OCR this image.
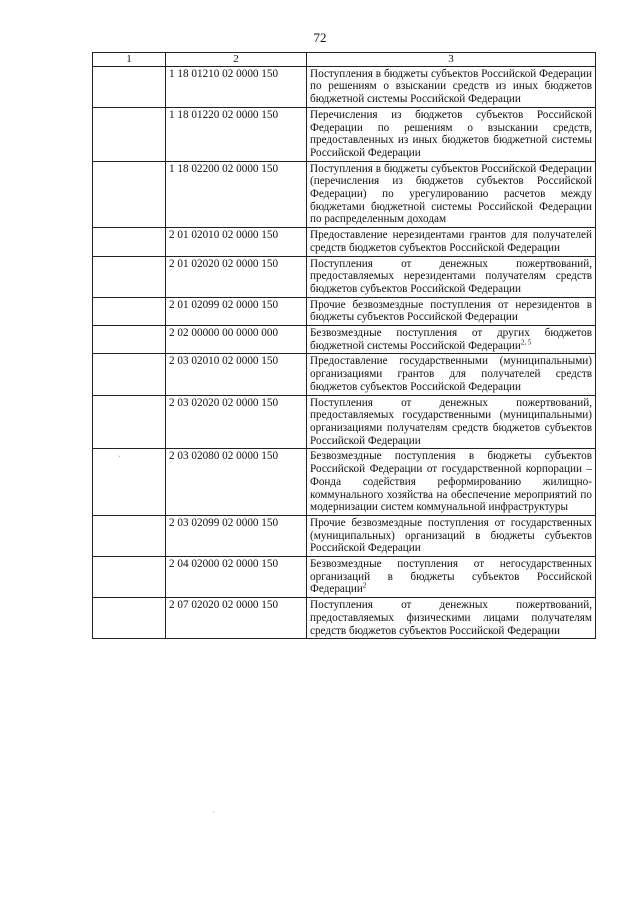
72
1	2	3
	1 18 01210 02 0000 150	Поступления в бюджеты субъектов Российской Федерации по решениям о взыскании средств из иных бюджетов бюджетной системы Российской Федерации
	1 18 01220 02 0000 150	Перечисления из бюджетов субъектов Российской Федерации по решениям о взыскании средств, предоставленных из иных бюджетов бюджетной системы Российской Федерации
	1 18 02200 02 0000 150	Поступления в бюджеты субъектов Российской Федерации (перечисления из бюджетов субъектов Российской Федерации) по урегулированию расчетов между бюджетами бюджетной системы Российской Федерации по распределенным доходам
	2 01 02010 02 0000 150	Предоставление нерезидентами грантов для получателей средств бюджетов субъектов Российской Федерации
	2 01 02020 02 0000 150	Поступления от денежных пожертвований, предоставляемых нерезидентами получателям средств бюджетов субъектов Российской Федерации
	2 01 02099 02 0000 150	Прочие безвозмездные поступления от нерезидентов в бюджеты субъектов Российской Федерации
	2 02 00000 00 0000 000	Безвозмездные поступления от других бюджетов бюджетной системы Российской Федерации$^{2, 5}$
	2 03 02010 02 0000 150	Предоставление государственными (муниципальными) организациями грантов для получателей средств бюджетов субъектов Российской Федерации
	2 03 02020 02 0000 150	Поступления от денежных пожертвований, предоставляемых государственными (муниципальными) организациями получателям средств бюджетов субъектов Российской Федерации
	2 03 02080 02 0000 150	Безвозмездные поступления в бюджеты субъектов Российской Федерации от государственной корпорации – Фонда содействия реформированию жилищно-коммунального хозяйства на обеспечение мероприятий по модернизации систем коммунальной инфраструктуры
	2 03 02099 02 0000 150	Прочие безвозмездные поступления от государственных (муниципальных) организаций в бюджеты субъектов Российской Федерации
	2 04 02000 02 0000 150	Безвозмездные поступления от негосударственных организаций в бюджеты субъектов Российской Федерации$^2$
	2 07 02020 02 0000 150	Поступления от денежных пожертвований, предоставляемых физическими лицами получателям средств бюджетов субъектов Российской Федерации
ˎ
·
